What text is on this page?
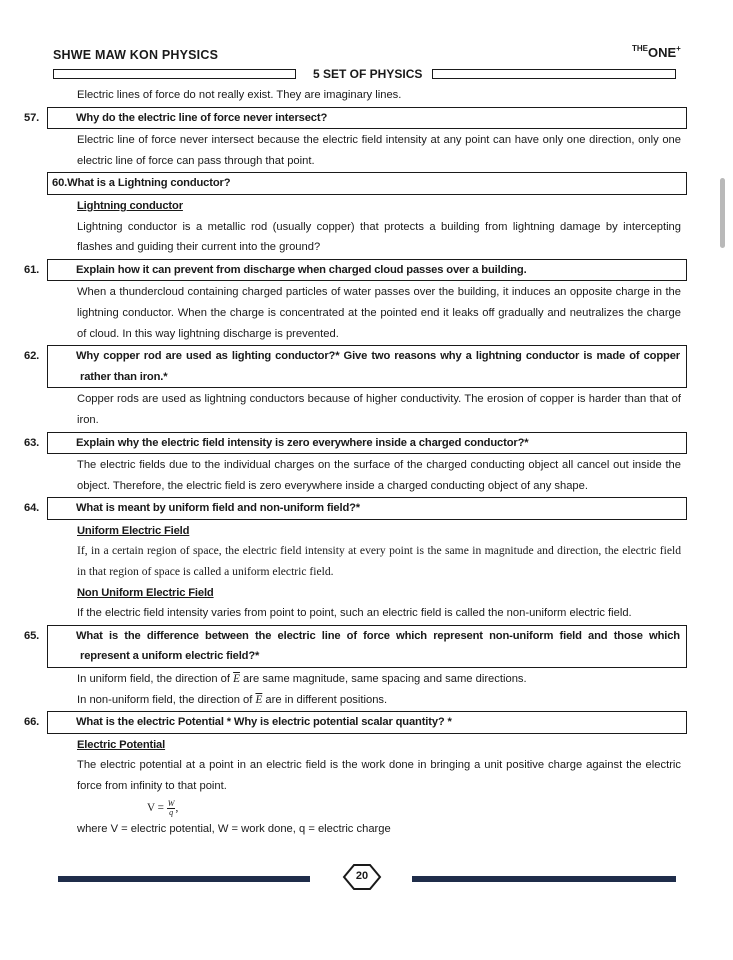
SHWE MAW KON PHYSICS	$^{THE}$ONE+
5 SET OF PHYSICS

Electric lines of force do not really exist. They are imaginary lines.

57.	Why do the electric line of force never intersect?

Electric line of force never intersect because the electric field intensity at any point can have only one direction, only one electric line of force can pass through that point.

60.What is a Lightning conductor?
Lightning conductor

Lightning conductor is a metallic rod (usually copper) that protects a building from lightning damage by intercepting flashes and guiding their current into the ground?

61.	Explain how it can prevent from discharge when charged cloud passes over a building.

When a thundercloud containing charged particles of water passes over the building, it induces an opposite charge in the lightning conductor. When the charge is concentrated at the pointed end it leaks off gradually and neutralizes the charge of cloud. In this way lightning discharge is prevented.

62.	Why copper rod are used as lighting conductor?* Give two reasons why a lightning conductor is made of copper rather than iron.*

Copper rods are used as lightning conductors because of higher conductivity. The erosion of copper is harder than that of iron.

63.	Explain why the electric field intensity is zero everywhere inside a charged conductor?*

The electric fields due to the individual charges on the surface of the charged conducting object all cancel out inside the object. Therefore, the electric field is zero everywhere inside a charged conducting object of any shape.

64.	What is meant by uniform field and non-uniform field?*
Uniform Electric Field

If, in a certain region of space, the electric field intensity at every point is the same in magnitude and direction, the electric field in that region of space is called a uniform electric field.

Non Uniform Electric Field

If the electric field intensity varies from point to point, such an electric field is called the non-uniform electric field.

65.	What is the difference between the electric line of force which represent non-uniform field and those which represent a uniform electric field?*

In uniform field, the direction of $\overline{E}$ are same magnitude, same spacing and same directions.

In non-uniform field, the direction of $\overline{E}$ are in different positions.

66.	What is the electric Potential * Why is electric potential scalar quantity? *
Electric Potential

The electric potential at a point in an electric field is the work done in bringing a unit positive charge against the electric force from infinity to that point.

$V = \frac{W}{q}$ ,

where V = electric potential, W = work done, q = electric charge

20
